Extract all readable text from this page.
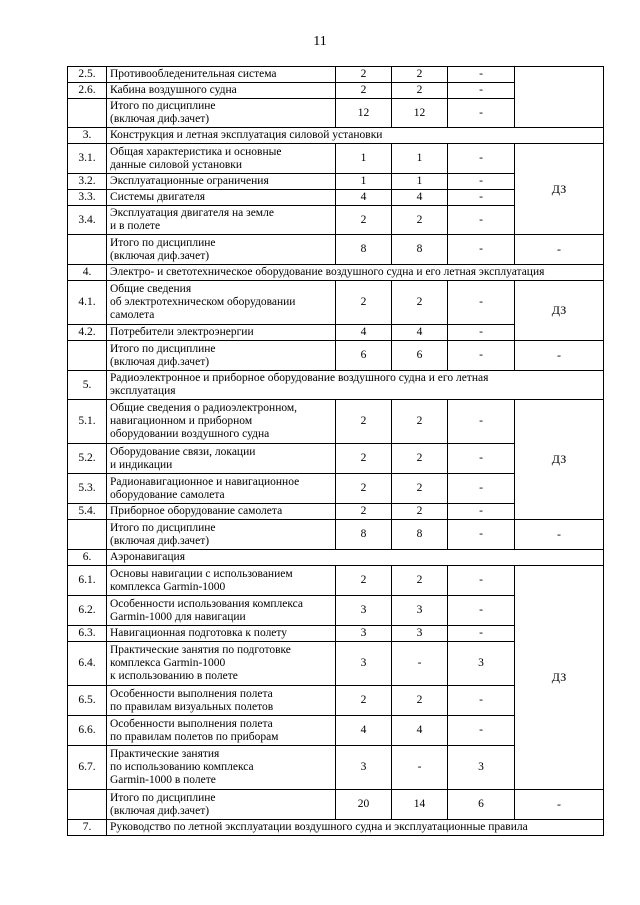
11
2.5.	Противообледенительная система	2	2	-		
2.6.	Кабина воздушного судна	2	2	-		
	Итого по дисциплине
(включая диф.зачет)	12	12	-	
3.	Конструкция и летная эксплуатация силовой установки					
3.1.	Общая характеристика и основные
данные силовой установки	1	1	-	ДЗ	
3.2.	Эксплуатационные ограничения	1	1	-		
3.3.	Системы двигателя	4	4	-		
3.4.	Эксплуатация двигателя на земле
и в полете	2	2	-		
	Итого по дисциплине
(включая диф.зачет)	8	8	-	-	
4.	Электро- и светотехническое оборудование воздушного судна и его летная эксплуатация					
4.1.	Общие сведения
об электротехническом оборудовании
самолета	2	2	-	ДЗ	
4.2.	Потребители электроэнергии	4	4	-		
	Итого по дисциплине
(включая диф.зачет)	6	6	-	-	
5.	Радиоэлектронное и приборное оборудование воздушного судна и его летная
эксплуатация					
5.1.	Общие сведения о радиоэлектронном,
навигационном и приборном
оборудовании воздушного судна	2	2	-	ДЗ	
5.2.	Оборудование связи, локации
и индикации	2	2	-		
5.3.	Радионавигационное и навигационное
оборудование самолета	2	2	-		
5.4.	Приборное оборудование самолета	2	2	-		
	Итого по дисциплине
(включая диф.зачет)	8	8	-	-	
6.	Аэронавигация					
6.1.	Основы навигации с использованием
комплекса Garmin-1000	2	2	-	ДЗ	
6.2.	Особенности использования комплекса
Garmin-1000 для навигации	3	3	-		
6.3.	Навигационная подготовка к полету	3	3	-		
6.4.	Практические занятия по подготовке
комплекса Garmin-1000
к использованию в полете	3	-	3		
6.5.	Особенности выполнения полета
по правилам визуальных полетов	2	2	-		
6.6.	Особенности выполнения полета
по правилам полетов по приборам	4	4	-		
6.7.	Практические занятия
по использованию комплекса
Garmin-1000 в полете	3	-	3		
	Итого по дисциплине
(включая диф.зачет)	20	14	6	-	
7.	Руководство по летной эксплуатации воздушного судна и эксплуатационные правила					
